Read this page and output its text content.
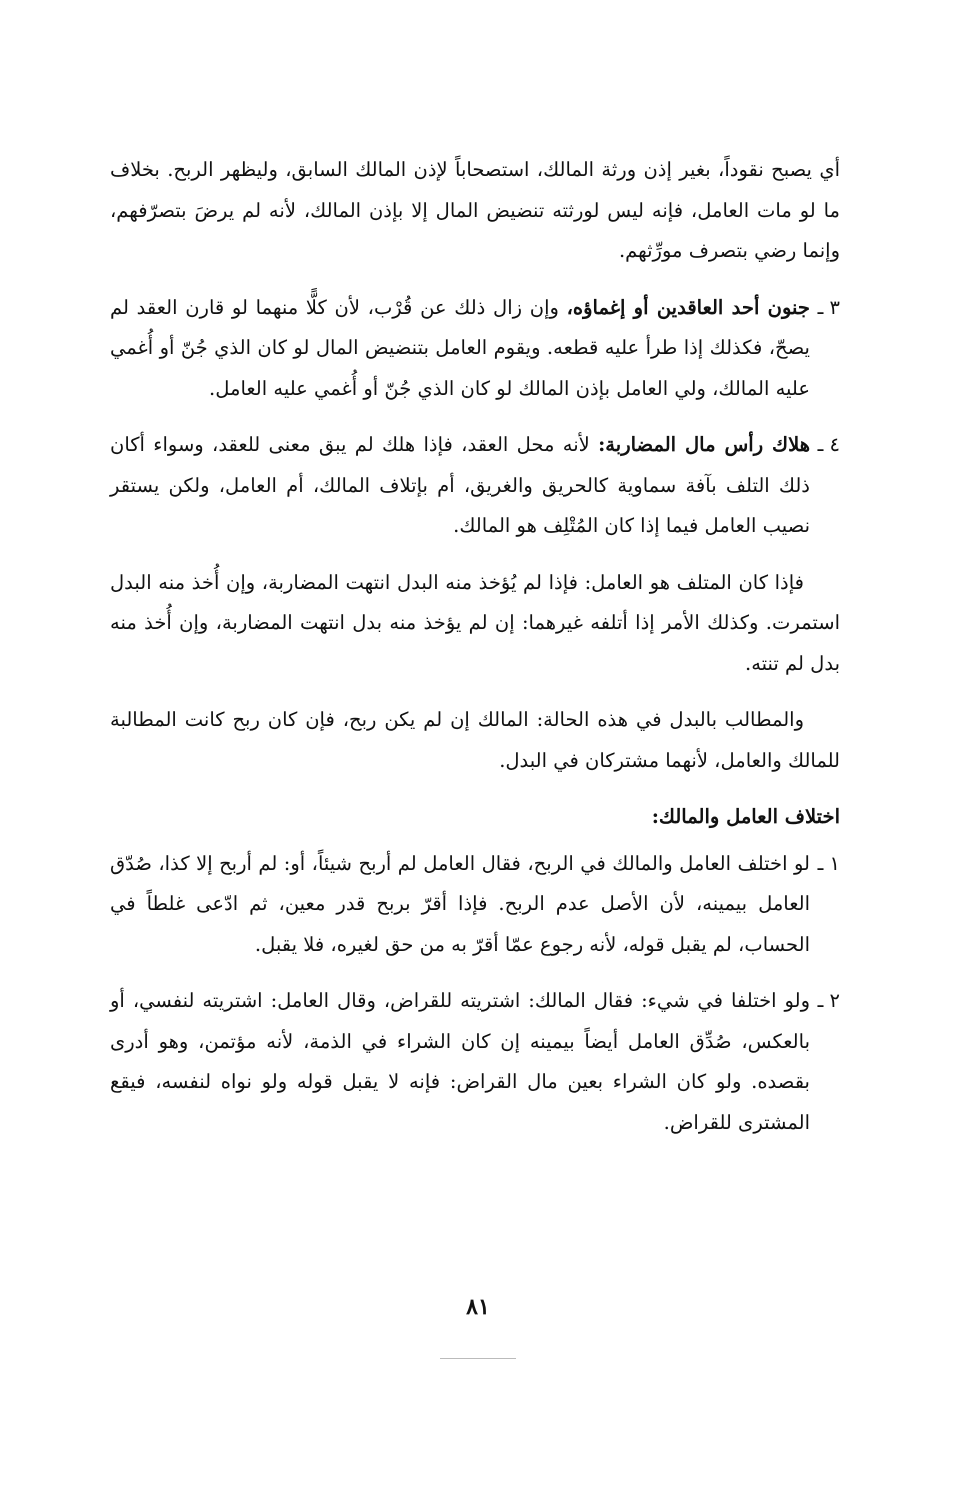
أي يصبح نقوداً، بغير إذن ورثة المالك، استصحاباً لإذن المالك السابق، وليظهر الربح. بخلاف ما لو مات العامل، فإنه ليس لورثته تنضيض المال إلا بإذن المالك، لأنه لم يرضَ بتصرّفهم، وإنما رضي بتصرف مورِّثهم.

٣ ـ
جنون أحد العاقدين أو إغماؤه، وإن زال ذلك عن قُرْب، لأن كلًّا منهما لو قارن العقد لم يصحّ، فكذلك إذا طرأ عليه قطعه. ويقوم العامل بتنضيض المال لو كان الذي جُنّ أو أُغمي عليه المالك، ولي العامل بإذن المالك لو كان الذي جُنّ أو أُغمي عليه العامل.
٤ ـ
هلاك رأس مال المضاربة: لأنه محل العقد، فإذا هلك لم يبق معنى للعقد، وسواء أكان ذلك التلف بآفة سماوية كالحريق والغريق، أم بإتلاف المالك، أم العامل، ولكن يستقر نصيب العامل فيما إذا كان المُتْلِف هو المالك.

فإذا كان المتلف هو العامل: فإذا لم يُؤخذ منه البدل انتهت المضاربة، وإن أُخذ منه البدل استمرت. وكذلك الأمر إذا أتلفه غيرهما: إن لم يؤخذ منه بدل انتهت المضاربة، وإن أُخذ منه بدل لم تنته.

والمطالب بالبدل في هذه الحالة: المالك إن لم يكن ربح، فإن كان ربح كانت المطالبة للمالك والعامل، لأنهما مشتركان في البدل.

اختلاف العامل والمالك:
١ ـ
لو اختلف العامل والمالك في الربح، فقال العامل لم أربح شيئاً، أو: لم أربح إلا كذا، صُدّق العامل بيمينه، لأن الأصل عدم الربح. فإذا أقرّ بربح قدر معين، ثم ادّعى غلطاً في الحساب، لم يقبل قوله، لأنه رجوع عمّا أقرّ به من حق لغيره، فلا يقبل.
٢ ـ
ولو اختلفا في شيء: فقال المالك: اشتريته للقراض، وقال العامل: اشتريته لنفسي، أو بالعكس، صُدِّق العامل أيضاً بيمينه إن كان الشراء في الذمة، لأنه مؤتمن، وهو أدرى بقصده. ولو كان الشراء بعين مال القراض: فإنه لا يقبل قوله ولو نواه لنفسه، فيقع المشترى للقراض.
٨١
